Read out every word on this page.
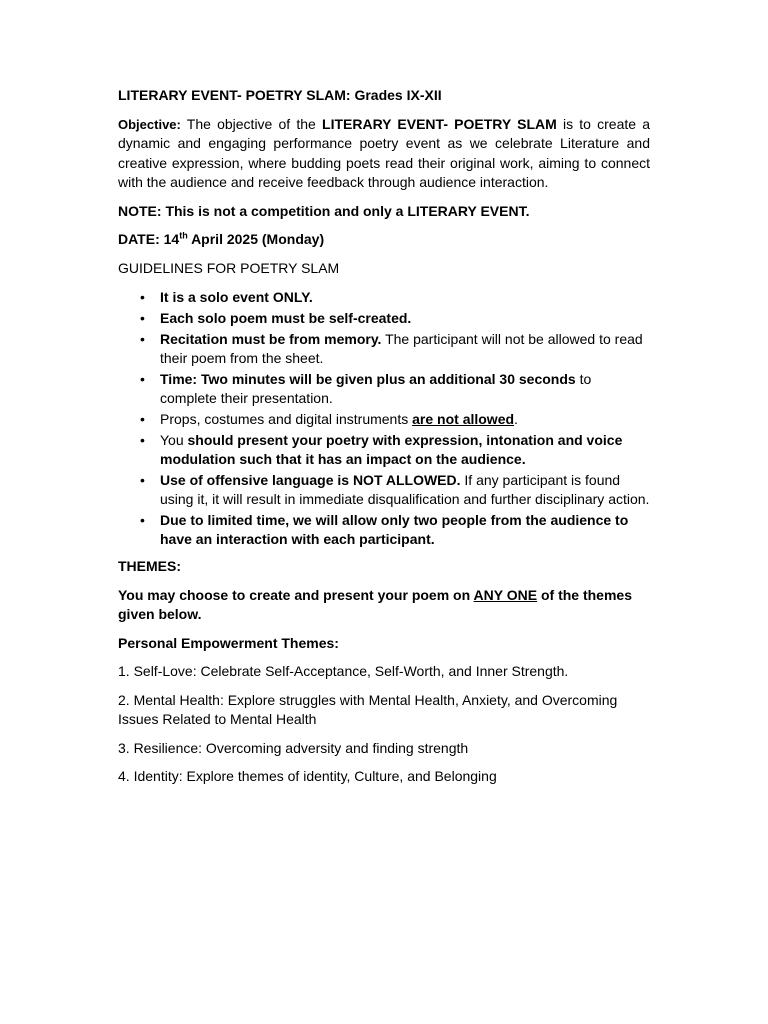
LITERARY EVENT- POETRY SLAM: Grades IX-XII

Objective: The objective of the LITERARY EVENT- POETRY SLAM is to create a dynamic and engaging performance poetry event as we celebrate Literature and creative expression, where budding poets read their original work, aiming to connect with the audience and receive feedback through audience interaction.

NOTE: This is not a competition and only a LITERARY EVENT.

DATE: 14th April 2025 (Monday)

GUIDELINES FOR POETRY SLAM

• It is a solo event ONLY.
• Each solo poem must be self-created.
• Recitation must be from memory. The participant will not be allowed to read their poem from the sheet.
• Time: Two minutes will be given plus an additional 30 seconds to complete their presentation.
• Props, costumes and digital instruments are not allowed.
• You should present your poetry with expression, intonation and voice modulation such that it has an impact on the audience.
• Use of offensive language is NOT ALLOWED. If any participant is found using it, it will result in immediate disqualification and further disciplinary action.
• Due to limited time, we will allow only two people from the audience to have an interaction with each participant.

THEMES:

You may choose to create and present your poem on ANY ONE of the themes given below.

Personal Empowerment Themes:

1. Self-Love: Celebrate Self-Acceptance, Self-Worth, and Inner Strength.

2. Mental Health: Explore struggles with Mental Health, Anxiety, and Overcoming Issues Related to Mental Health

3. Resilience: Overcoming adversity and finding strength

4. Identity: Explore themes of identity, Culture, and Belonging
